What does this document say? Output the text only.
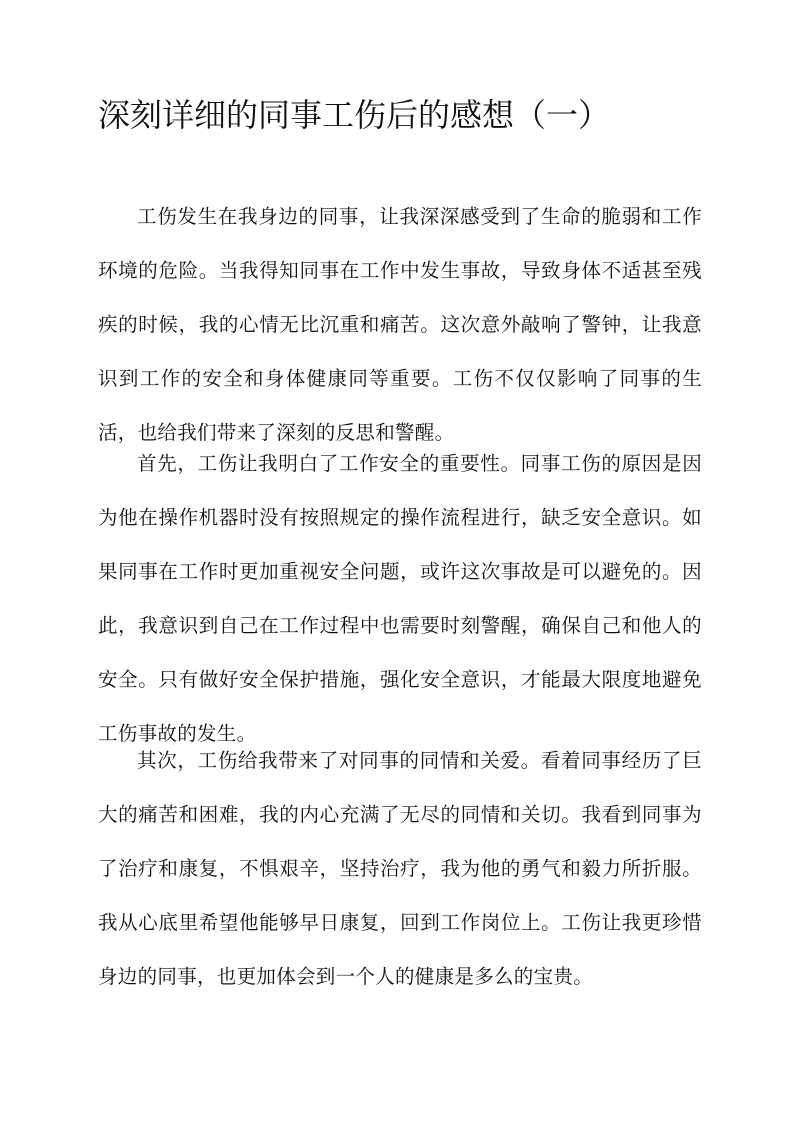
深刻详细的同事工伤后的感想（一）

工伤发生在我身边的同事，让我深深感受到了生命的脆弱和工作环境的危险。当我得知同事在工作中发生事故，导致身体不适甚至残疾的时候，我的心情无比沉重和痛苦。这次意外敲响了警钟，让我意识到工作的安全和身体健康同等重要。工伤不仅仅影响了同事的生活，也给我们带来了深刻的反思和警醒。

首先，工伤让我明白了工作安全的重要性。同事工伤的原因是因为他在操作机器时没有按照规定的操作流程进行，缺乏安全意识。如果同事在工作时更加重视安全问题，或许这次事故是可以避免的。因此，我意识到自己在工作过程中也需要时刻警醒，确保自己和他人的安全。只有做好安全保护措施，强化安全意识，才能最大限度地避免工伤事故的发生。

其次，工伤给我带来了对同事的同情和关爱。看着同事经历了巨大的痛苦和困难，我的内心充满了无尽的同情和关切。我看到同事为了治疗和康复，不惧艰辛，坚持治疗，我为他的勇气和毅力所折服。我从心底里希望他能够早日康复，回到工作岗位上。工伤让我更珍惜身边的同事，也更加体会到一个人的健康是多么的宝贵。
